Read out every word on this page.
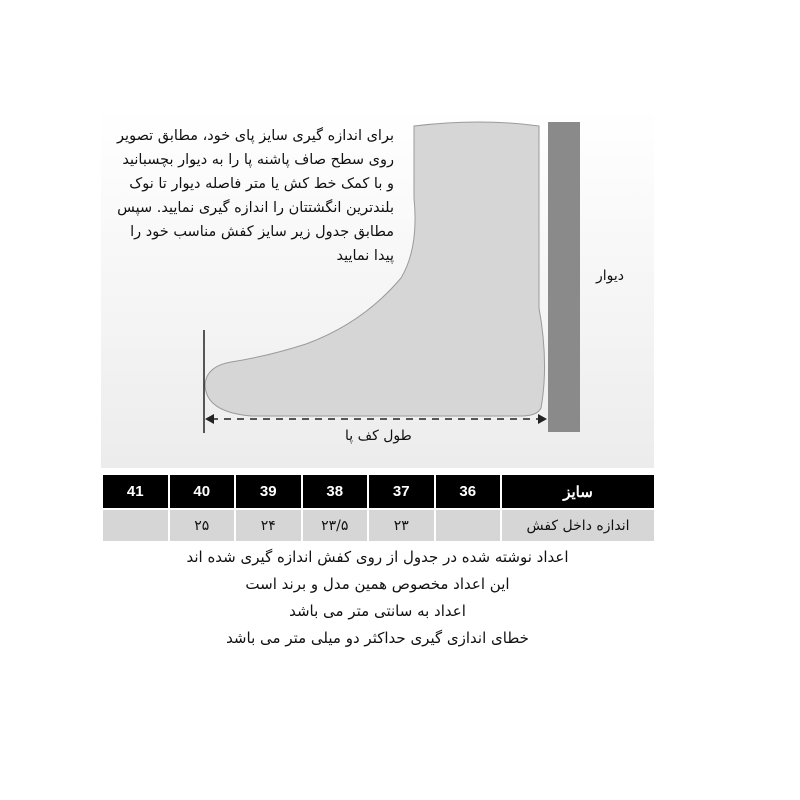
برای اندازه گیری سایز پای خود، مطابق تصویر روی سطح صاف پاشنه پا را به دیوار بچسبانید و با کمک خط کش یا متر فاصله دیوار تا نوک بلندترین انگشتتان را اندازه گیری نمایید. سپس مطابق جدول زیر سایز کفش مناسب خود را پیدا نمایید
دیوار
طول کف پا
سایز	36	37	38	39	40	41
اندازه داخل کفش		۲۳	۲۳/۵	۲۴	۲۵	
اعداد نوشته شده در جدول از روی کفش اندازه گیری شده اند
این اعداد مخصوص همین مدل و برند است
اعداد به سانتی متر می باشد
خطای اندازی گیری حداکثر دو میلی متر می باشد
